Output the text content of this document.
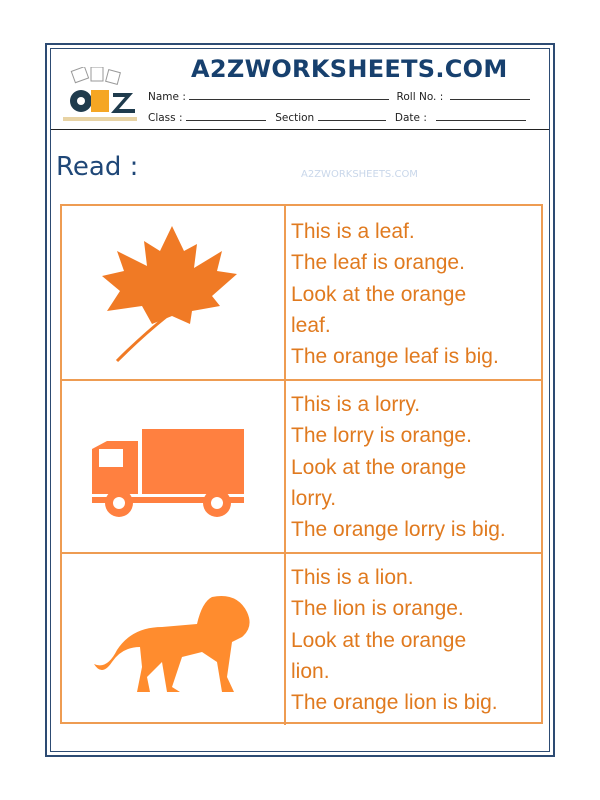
A2ZWORKSHEETS.COM
Name :	Roll No. :
Class :	Section	Date :
Read :	A2ZWORKSHEETS.COM
This is a leaf.
The leaf is orange.
Look at the orange
leaf.
The orange leaf is big.
This is a lorry.
The lorry is orange.
Look at the orange
lorry.
The orange lorry is big.
This is a lion.
The lion is orange.
Look at the orange
lion.
The orange lion is big.
